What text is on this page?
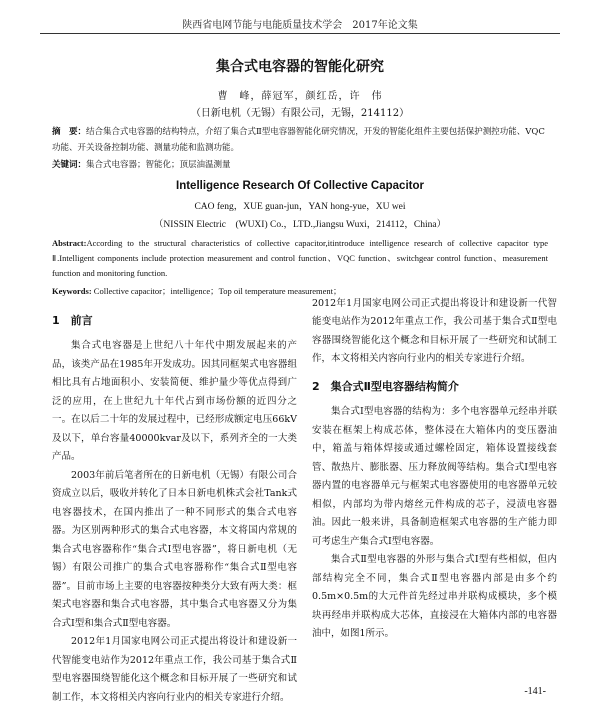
陕西省电网节能与电能质量技术学会　2017年论文集
集合式电容器的智能化研究
曹　峰，薛冠军，颜红岳，许　伟
（日新电机（无锡）有限公司，无锡，214112）
摘　要：结合集合式电容器的结构特点，介绍了集合式Ⅱ型电容器智能化研究情况，开发的智能化组件主要包括保护测控功能、VQC功能、开关设备控制功能、测量功能和监测功能。
关键词：集合式电容器；智能化；顶层油温测量
Intelligence Research Of Collective Capacitor
CAO feng，XUE guan-jun，YAN hong-yue，XU wei
（NISSIN Electric　(WUXI) Co.，LTD.,Jiangsu Wuxi，214112，China）
Abstract:According to the structural characteristics of collective capacitor,itintroduce intelligence research of collective capacitor type Ⅱ.Intelligent components include protection measurement and control function、VQC function、switchgear control function、measurement function and monitoring function.
Keywords: Collective capacitor；intelligence；Top oil temperature measurement；
1　前言

集合式电容器是上世纪八十年代中期发展起来的产品，该类产品在1985年开发成功。因其同框架式电容器组相比具有占地面积小、安装简便、维护量少等优点得到广泛的应用，在上世纪九十年代占到市场份额的近四分之一。在以后二十年的发展过程中，已经形成额定电压66kV及以下，单台容量40000kvar及以下，系列齐全的一大类产品。

2003年前后笔者所在的日新电机（无锡）有限公司合资成立以后，吸收并转化了日本日新电机株式会社Tank式电容器技术，在国内推出了一种不同形式的集合式电容器。为区别两种形式的集合式电容器，本文将国内常规的集合式电容器称作“集合式Ⅰ型电容器”，将日新电机（无锡）有限公司推广的集合式电容器称作“集合式Ⅱ型电容器”。目前市场上主要的电容器按种类分大致有两大类：框架式电容器和集合式电容器，其中集合式电容器又分为集合式Ⅰ型和集合式Ⅱ型电容器。

2012年1月国家电网公司正式提出将设计和建设新一代智能变电站作为2012年重点工作，我公司基于集合式Ⅱ型电容器围绕智能化这个概念和目标开展了一些研究和试制工作，本文将相关内容向行业内的相关专家进行介绍。

2012年1月国家电网公司正式提出将设计和建设新一代智能变电站作为2012年重点工作，我公司基于集合式Ⅱ型电容器围绕智能化这个概念和目标开展了一些研究和试制工作，本文将相关内容向行业内的相关专家进行介绍。

2　集合式Ⅱ型电容器结构简介

集合式Ⅰ型电容器的结构为：多个电容器单元经串并联安装在框架上构成芯体，整体浸在大箱体内的变压器油中，箱盖与箱体焊接或通过螺栓固定，箱体设置接线套管、散热片、膨胀器、压力释放阀等结构。集合式Ⅰ型电容器内置的电容器单元与框架式电容器使用的电容器单元较相似，内部均为带内熔丝元件构成的芯子，浸渍电容器油。因此一般来讲，具备制造框架式电容器的生产能力即可考虑生产集合式Ⅰ型电容器。

集合式Ⅱ型电容器的外形与集合式Ⅰ型有些相似，但内部结构完全不同，集合式Ⅱ型电容器内部是由多个约0.5m×0.5m的大元件首先经过串并联构成模块，多个模块再经串并联构成大芯体，直接浸在大箱体内部的电容器油中，如图1所示。

-141-
